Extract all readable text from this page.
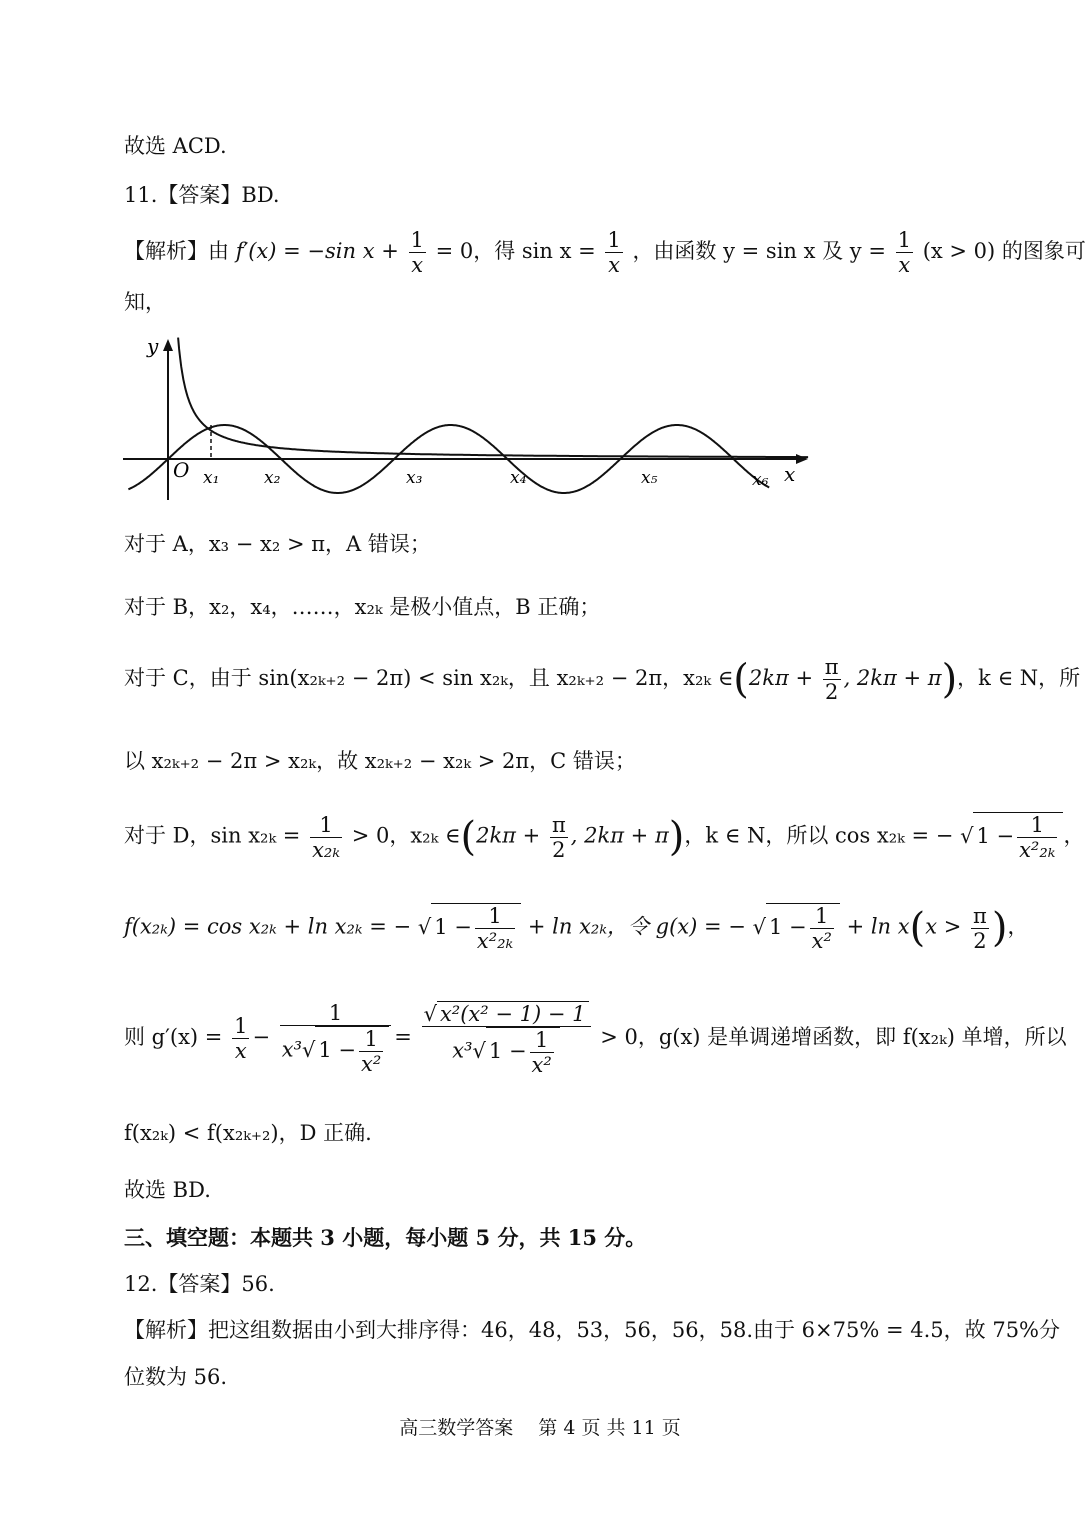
故选 ACD.
11.【答案】BD.
【解析】由 f′(x) = −sin $x + \frac{1}{x} = 0$，得 $\sin x = \frac{1}{x}$ ，由函数 y = sin x 及 $y = \frac{1}{x} (x > 0)$ 的图象可
知，
y
x
O x₁	x₂	x₃	x₄	x₅	x₆
对于 A，x₃ − x₂ > π，A 错误；
对于 B，x₂，x₄，……，x₂ₖ 是极小值点，B 正确；
对于 C，由于 sin(x₂ₖ₊₂ − 2π) < sin x₂ₖ，且 x₂ₖ₊₂ − 2π，x₂ₖ ∈(2kπ + $\frac{\pi}{2}$ , 2kπ + π)，k ∈ N，所
以 x₂ₖ₊₂ − 2π > x₂ₖ，故 x₂ₖ₊₂ − x₂ₖ > 2π，C 错误；
对于 D，$\sin x_{2k} = \frac{1}{\text{x₂ₖ}} > 0$，x₂ₖ ∈(2kπ + $\frac{\pi}{2}$ , 2kπ + π)，k ∈ N，所以 cos x₂ₖ = − √ $1 - \frac{1}{\text{x²₂ₖ}}$ ，
f(x₂ₖ) = cos x₂ₖ + ln x₂ₖ = − √ $1 - \frac{1}{\text{x²₂ₖ}} + \ln x_{2k}$，令 g(x) = − √ $1 - \frac{1}{\text{x²}} + \ln x(x > \frac{\pi}{2}$ )，
则 $g'(x) = \frac{1}{x} - \frac{1}{x^3√ 1 - \frac{1}{\text{x²}}} = \frac{\text{√ x²(x² − 1) − 1}}{x^3√ 1 - \frac{1}{\text{x²}}} > 0$，g(x) 是单调递增函数，即 f(x₂ₖ) 单增，所以
f(x₂ₖ) < f(x₂ₖ₊₂)，D 正确.
故选 BD.
三、填空题：本题共 3 小题，每小题 5 分，共 15 分。
12.【答案】56.
【解析】把这组数据由小到大排序得：46，48，53，56，56，58.由于 6×75% = 4.5，故 75%分
位数为 56.
高三数学答案　 第 4 页 共 11 页
